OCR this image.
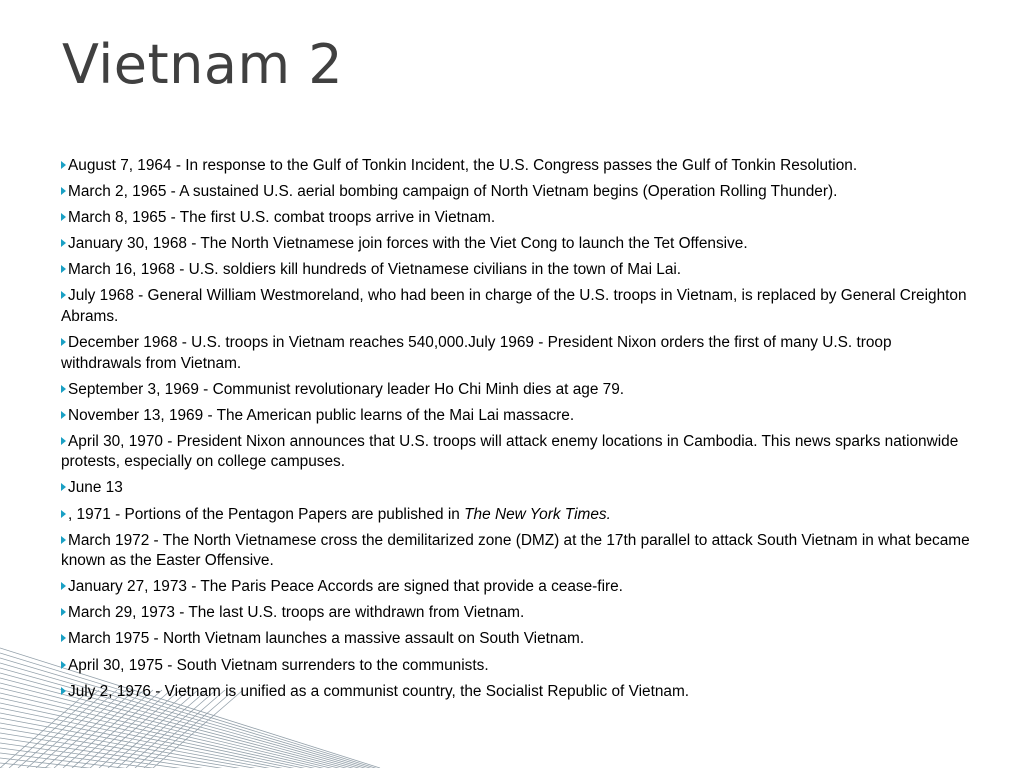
Vietnam 2
August 7, 1964 - In response to the Gulf of Tonkin Incident, the U.S. Congress passes the Gulf of Tonkin Resolution.
March 2, 1965 - A sustained U.S. aerial bombing campaign of North Vietnam begins (Operation Rolling Thunder).
March 8, 1965 - The first U.S. combat troops arrive in Vietnam.
January 30, 1968 - The North Vietnamese join forces with the Viet Cong to launch the Tet Offensive.
March 16, 1968 - U.S. soldiers kill hundreds of Vietnamese civilians in the town of Mai Lai.
July 1968 - General William Westmoreland, who had been in charge of the U.S. troops in Vietnam, is replaced by General Creighton Abrams.
December 1968 - U.S. troops in Vietnam reaches 540,000.July 1969 - President Nixon orders the first of many U.S. troop withdrawals from Vietnam.
September 3, 1969 - Communist revolutionary leader Ho Chi Minh dies at age 79.
November 13, 1969 - The American public learns of the Mai Lai massacre.
April 30, 1970 - President Nixon announces that U.S. troops will attack enemy locations in Cambodia. This news sparks nationwide protests, especially on college campuses.
June 13
, 1971 - Portions of the Pentagon Papers are published in The New York Times.
March 1972 - The North Vietnamese cross the demilitarized zone (DMZ) at the 17th parallel to attack South Vietnam in what became known as the Easter Offensive.
January 27, 1973 - The Paris Peace Accords are signed that provide a cease-fire.
March 29, 1973 - The last U.S. troops are withdrawn from Vietnam.
March 1975 - North Vietnam launches a massive assault on South Vietnam.
April 30, 1975 - South Vietnam surrenders to the communists.
July 2, 1976 - Vietnam is unified as a communist country, the Socialist Republic of Vietnam.
